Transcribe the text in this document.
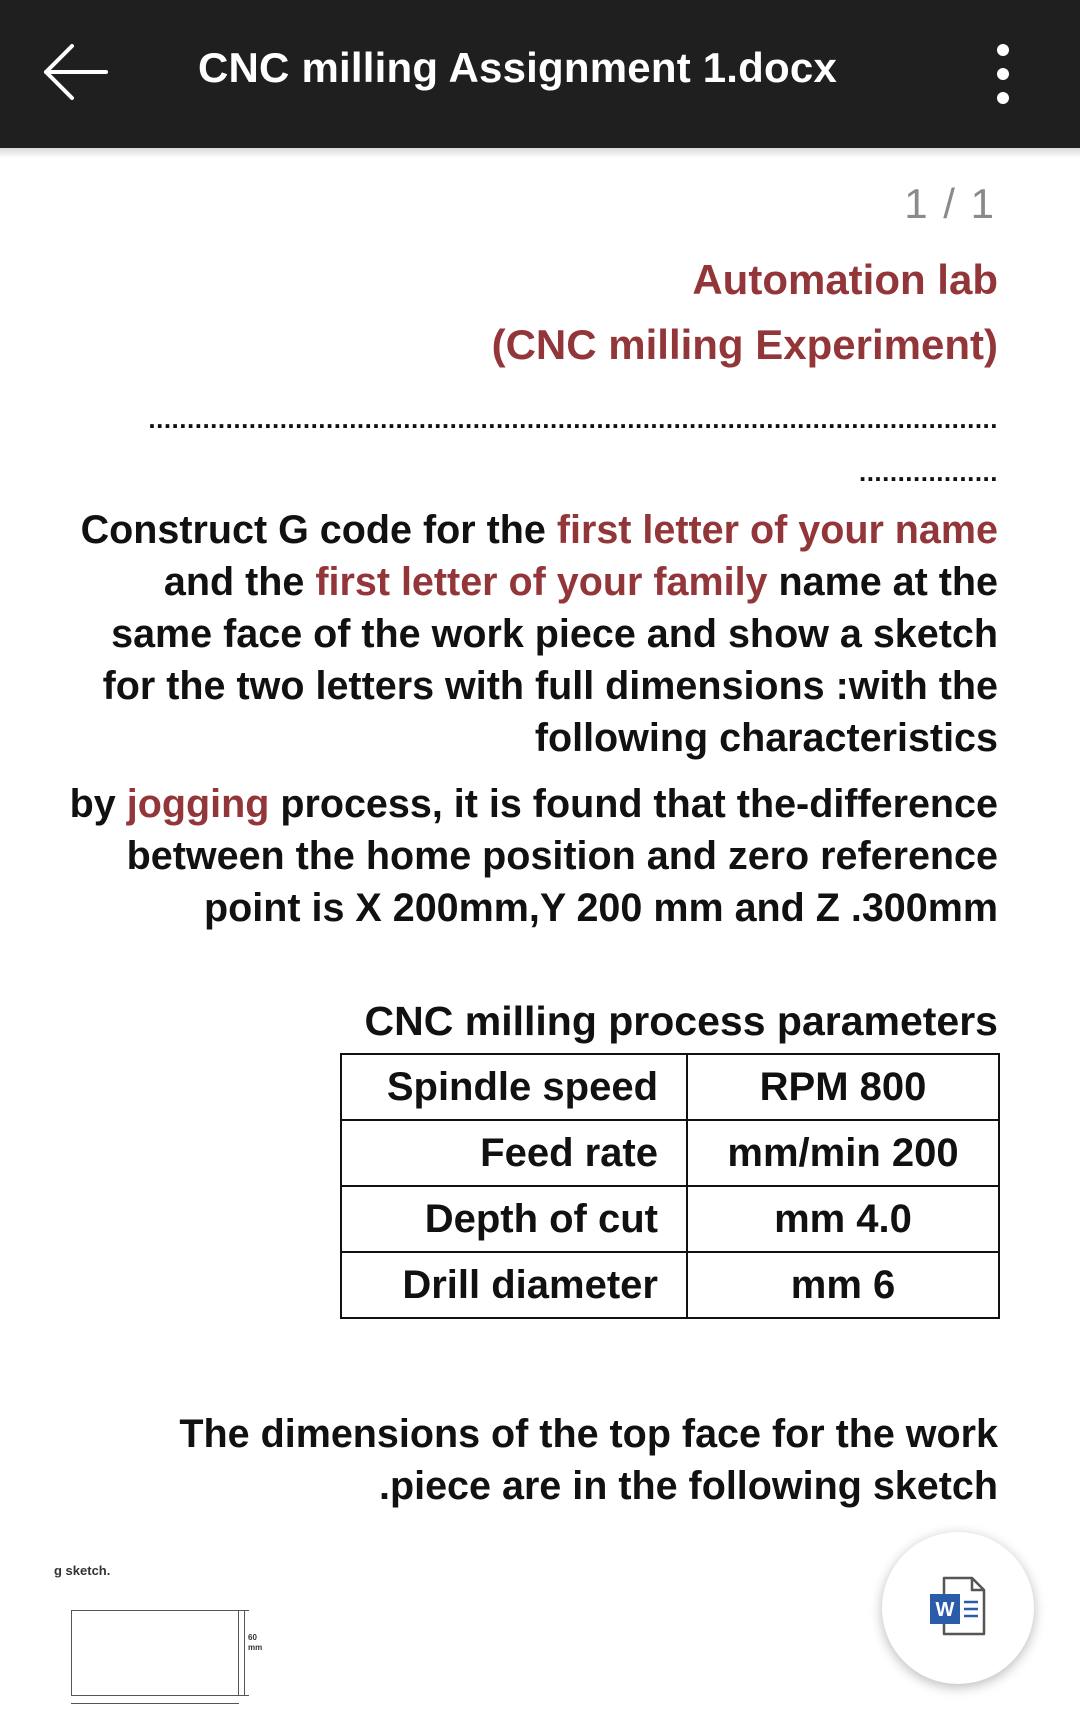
CNC milling Assignment 1.docx
1 / 1
Automation lab
(CNC milling Experiment)
..............................................................................................................
..................
Construct G code for the first letter of your name and the first letter of your family name at the same face of the work piece and show a sketch for the two letters with full dimensions :with the following characteristics
by jogging process, it is found that the-difference between the home position and zero reference point is X 200mm,Y 200 mm and Z .300mm
CNC milling process parameters
Spindle speed	RPM 800
Feed rate	mm/min 200
Depth of cut	mm 4.0
Drill diameter	mm 6
The dimensions of the top face for the work .piece are in the following sketch
g sketch.
60 mm
W
